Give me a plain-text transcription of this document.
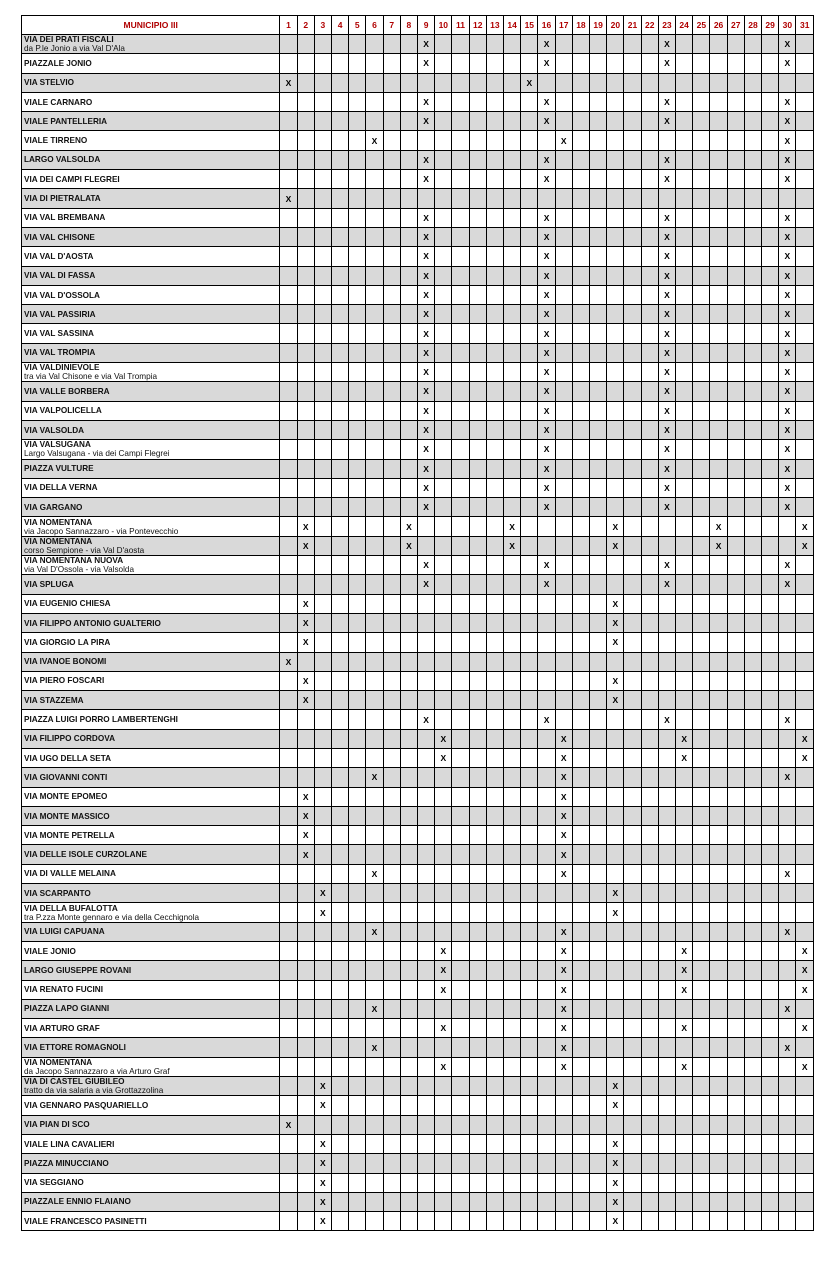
MUNICIPIO III	1	2	3	4	5	6	7	8	9	10	11	12	13	14	15	16	17	18	19	20	21	22	23	24	25	26	27	28	29	30	31
VIA DEI PRATI FISCALI
da P.le Jonio a via Val D'Ala									X							X							X							X	
PIAZZALE JONIO									X							X							X							X	
VIA STELVIO	X														X																
VIALE CARNARO									X							X							X							X	
VIALE PANTELLERIA									X							X							X							X	
VIALE TIRRENO						X											X													X	
LARGO VALSOLDA									X							X							X							X	
VIA DEI CAMPI FLEGREI									X							X							X							X	
VIA DI PIETRALATA	X																														
VIA VAL BREMBANA									X							X							X							X	
VIA VAL CHISONE									X							X							X							X	
VIA VAL D'AOSTA									X							X							X							X	
VIA VAL DI FASSA									X							X							X							X	
VIA VAL D'OSSOLA									X							X							X							X	
VIA VAL PASSIRIA									X							X							X							X	
VIA VAL SASSINA									X							X							X							X	
VIA VAL TROMPIA									X							X							X							X	
VIA VALDINIEVOLE
tra via Val Chisone e via Val Trompia									X							X							X							X	
VIA VALLE BORBERA									X							X							X							X	
VIA VALPOLICELLA									X							X							X							X	
VIA VALSOLDA									X							X							X							X	
VIA VALSUGANA
Largo Valsugana - via dei Campi Flegrei									X							X							X							X	
PIAZZA VULTURE									X							X							X							X	
VIA DELLA VERNA									X							X							X							X	
VIA GARGANO									X							X							X							X	
VIA NOMENTANA
via Jacopo Sannazzaro - via Pontevecchio		X						X						X						X						X					X
VIA NOMENTANA
corso Sempione - via Val D'aosta		X						X						X						X						X					X
VIA NOMENTANA NUOVA
via Val D'Ossola - via Valsolda									X							X							X							X	
VIA SPLUGA									X							X							X							X	
VIA EUGENIO CHIESA		X																		X											
VIA FILIPPO ANTONIO GUALTERIO		X																		X											
VIA GIORGIO LA PIRA		X																		X											
VIA IVANOE BONOMI	X																														
VIA PIERO FOSCARI		X																		X											
VIA STAZZEMA		X																		X											
PIAZZA LUIGI PORRO LAMBERTENGHI									X							X							X							X	
VIA FILIPPO CORDOVA										X							X							X							X
VIA UGO DELLA SETA										X							X							X							X
VIA GIOVANNI CONTI						X											X													X	
VIA MONTE EPOMEO		X															X														
VIA MONTE MASSICO		X															X														
VIA MONTE PETRELLA		X															X														
VIA DELLE ISOLE CURZOLANE		X															X														
VIA DI VALLE MELAINA						X											X													X	
VIA SCARPANTO			X																	X											
VIA DELLA BUFALOTTA
tra P.zza Monte gennaro e via della Cecchignola			X																	X											
VIA LUIGI CAPUANA						X											X													X	
VIALE JONIO										X							X							X							X
LARGO GIUSEPPE ROVANI										X							X							X							X
VIA RENATO FUCINI										X							X							X							X
PIAZZA LAPO GIANNI						X											X													X	
VIA ARTURO GRAF										X							X							X							X
VIA ETTORE ROMAGNOLI						X											X													X	
VIA NOMENTANA
da Jacopo Sannazzaro a via Arturo Graf										X							X							X							X
VIA DI CASTEL GIUBILEO
tratto da via salaria a via Grottazzolina			X																	X											
VIA GENNARO PASQUARIELLO			X																	X											
VIA PIAN DI SCO	X																														
VIALE LINA CAVALIERI			X																	X											
PIAZZA MINUCCIANO			X																	X											
VIA SEGGIANO			X																	X											
PIAZZALE ENNIO FLAIANO			X																	X											
VIALE FRANCESCO PASINETTI			X																	X											
